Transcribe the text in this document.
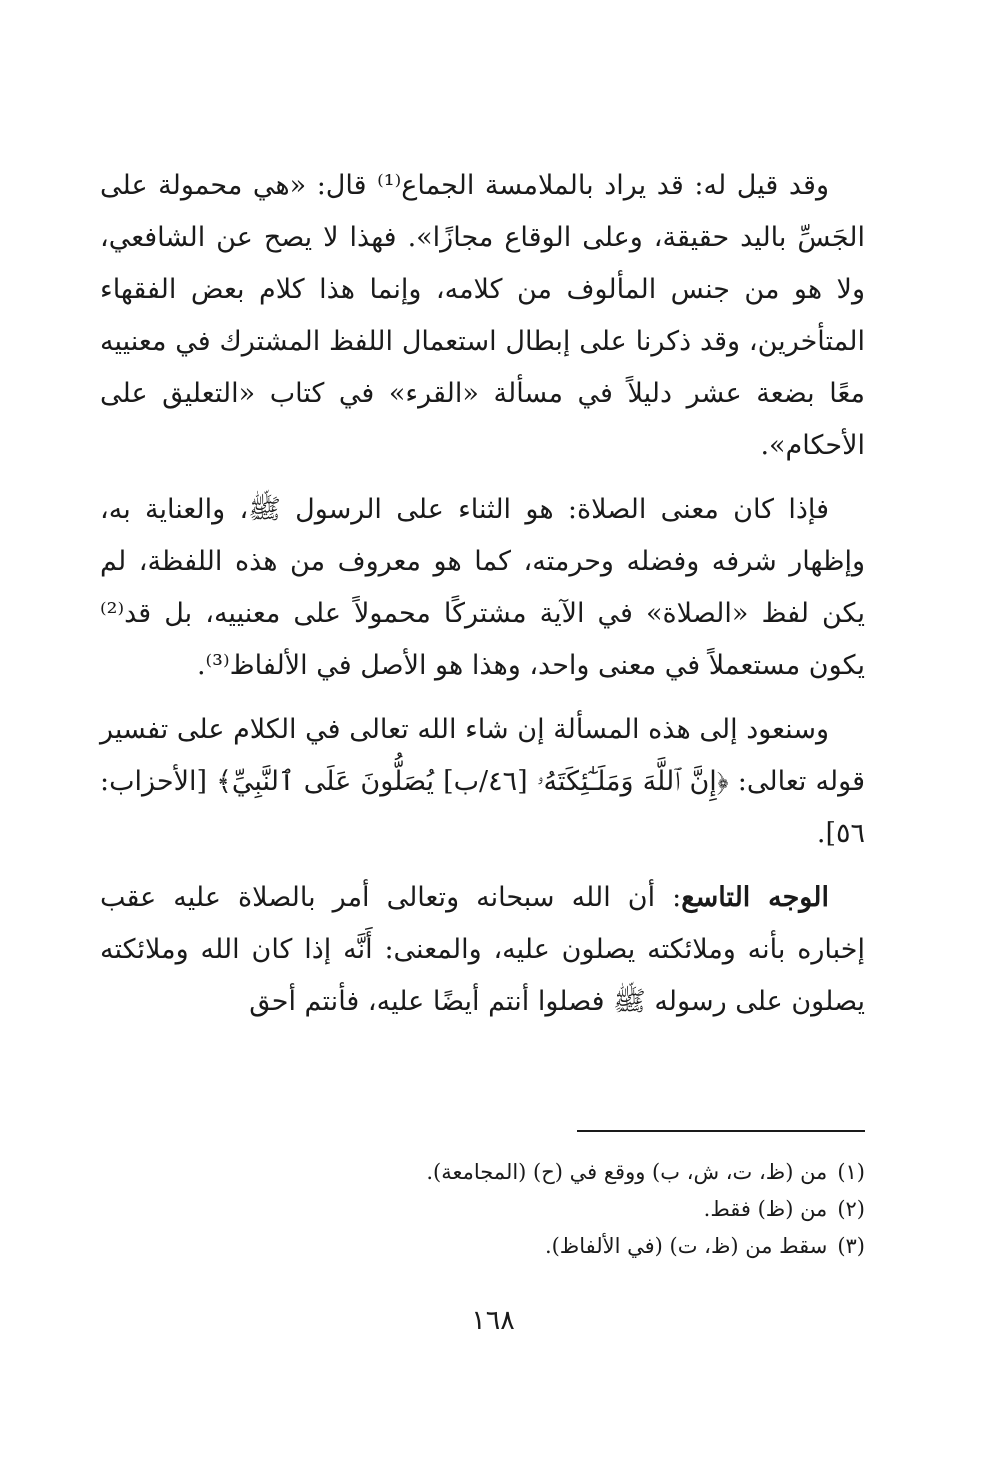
وقد قيل له: قد يراد بالملامسة الجماع⁽¹⁾ قال: «هي محمولة على الجَسِّ باليد حقيقة، وعلى الوقاع مجازًا». فهذا لا يصح عن الشافعي، ولا هو من جنس المألوف من كلامه، وإنما هذا كلام بعض الفقهاء المتأخرين، وقد ذكرنا على إبطال استعمال اللفظ المشترك في معنييه معًا بضعة عشر دليلاً في مسألة «القرء» في كتاب «التعليق على الأحكام».

فإذا كان معنى الصلاة: هو الثناء على الرسول ﷺ، والعناية به، وإظهار شرفه وفضله وحرمته، كما هو معروف من هذه اللفظة، لم يكن لفظ «الصلاة» في الآية مشتركًا محمولاً على معنييه، بل قد⁽²⁾ يكون مستعملاً في معنى واحد، وهذا هو الأصل في الألفاظ⁽³⁾.

وسنعود إلى هذه المسألة إن شاء الله تعالى في الكلام على تفسير قوله تعالى: ﴿إِنَّ ٱللَّهَ وَمَلَـٰٓئِكَتَهُۥ [٤٦/ب] يُصَلُّونَ عَلَى ٱلنَّبِيِّ﴾ [الأحزاب: ٥٦].

الوجه التاسع: أن الله سبحانه وتعالى أمر بالصلاة عليه عقب إخباره بأنه وملائكته يصلون عليه، والمعنى: أَنَّه إذا كان الله وملائكته يصلون على رسوله ﷺ فصلوا أنتم أيضًا عليه، فأنتم أحق

(١)من (ظ، ت، ش، ب) ووقع في (ح) (المجامعة).

(٢)من (ظ) فقط.

(٣)سقط من (ظ، ت) (في الألفاظ).

١٦٨
